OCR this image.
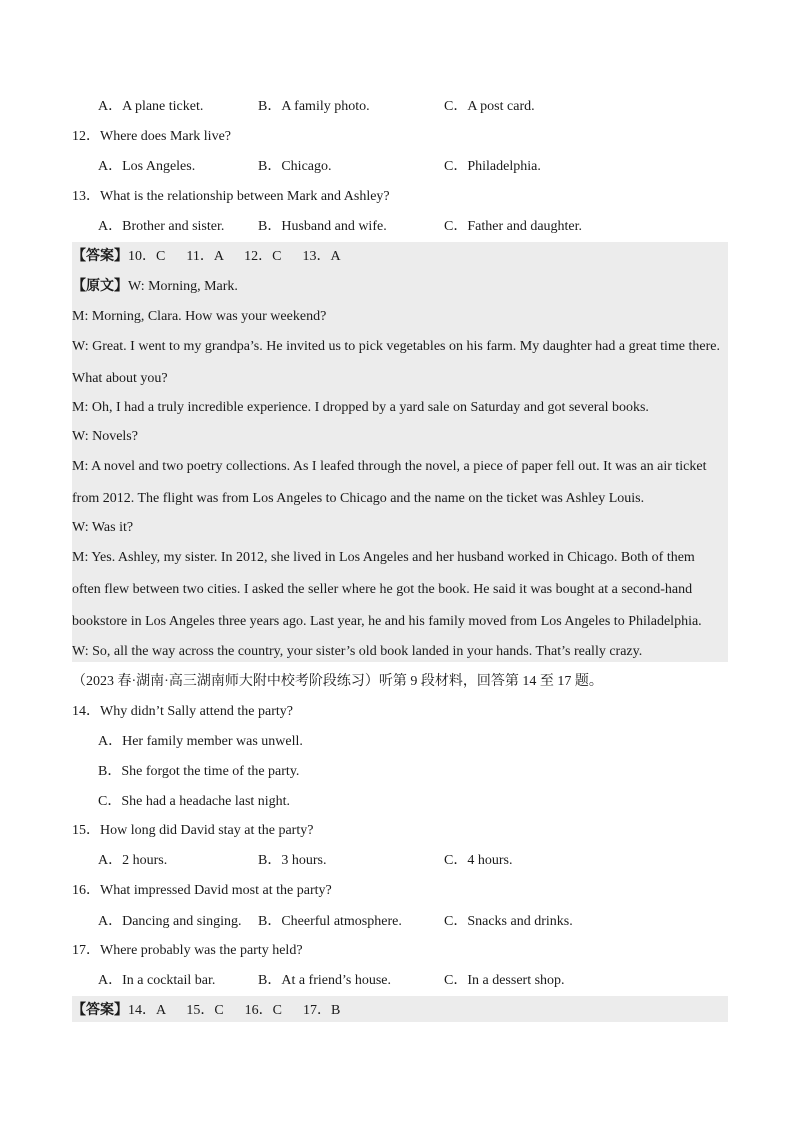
A．A plane ticket.	B．A family photo.	C．A post card.
12．Where does Mark live?
A．Los Angeles.	B．Chicago.	C．Philadelphia.
13．What is the relationship between Mark and Ashley?
A．Brother and sister. B．Husband and wife.	C．Father and daughter.
【答案】10．C      11．A      12．C      13．A
【原文】W: Morning, Mark.
M: Morning, Clara. How was your weekend?
W: Great. I went to my grandpa’s. He invited us to pick vegetables on his farm. My daughter had a great time there.
What about you?
M: Oh, I had a truly incredible experience. I dropped by a yard sale on Saturday and got several books.
W: Novels?
M: A novel and two poetry collections. As I leafed through the novel, a piece of paper fell out. It was an air ticket
from 2012. The flight was from Los Angeles to Chicago and the name on the ticket was Ashley Louis.
W: Was it?
M: Yes. Ashley, my sister. In 2012, she lived in Los Angeles and her husband worked in Chicago. Both of them
often flew between two cities. I asked the seller where he got the book. He said it was bought at a second-hand
bookstore in Los Angeles three years ago. Last year, he and his family moved from Los Angeles to Philadelphia.
W: So, all the way across the country, your sister’s old book landed in your hands. That’s really crazy.
（2023 春·湖南·高三湖南师大附中校考阶段练习）听第 9 段材料，回答第 14 至 17 题。
14．Why didn’t Sally attend the party?
A．Her family member was unwell.
B．She forgot the time of the party.
C．She had a headache last night.
15．How long did David stay at the party?
A．2 hours.	B．3 hours.	C．4 hours.
16．What impressed David most at the party?
A．Dancing and singing. B．Cheerful atmosphere.	C．Snacks and drinks.
17．Where probably was the party held?
A．In a cocktail bar.	B．At a friend’s house.	C．In a dessert shop.
【答案】14．A      15．C      16．C      17．B
